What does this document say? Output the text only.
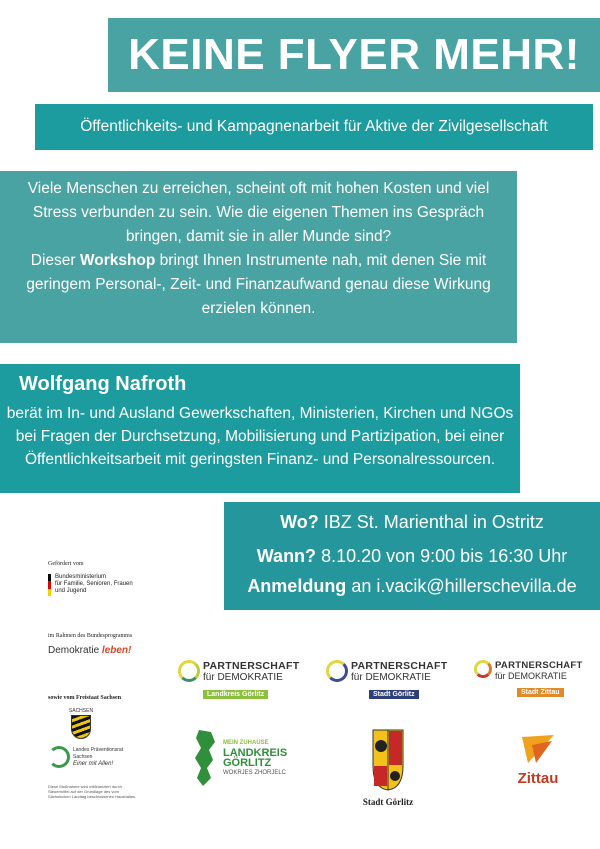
KEINE FLYER MEHR!
Öffentlichkeits- und Kampagnenarbeit für Aktive der Zivilgesellschaft
Viele Menschen zu erreichen, scheint oft mit hohen Kosten und viel
Stress verbunden zu sein. Wie die eigenen Themen ins Gespräch
bringen, damit sie in aller Munde sind?
Dieser Workshop bringt Ihnen Instrumente nah, mit denen Sie mit
geringem Personal-, Zeit- und Finanzaufwand genau diese Wirkung
erzielen können.
Wolfgang Nafroth
berät im In- und Ausland Gewerkschaften, Ministerien, Kirchen und NGOs
bei Fragen der Durchsetzung, Mobilisierung und Partizipation, bei einer
Öffentlichkeitsarbeit mit geringsten Finanz- und Personalressourcen.
Wo? IBZ St. Marienthal in Ostritz
Wann? 8.10.20 von 9:00 bis 16:30 Uhr
Anmeldung an i.vacik@hillerschevilla.de
Gefördert vom
Bundesministerium
für Familie, Senioren, Frauen
und Jugend
im Rahmen des Bundesprogramms
Demokratie leben!
sowie vom Freistaat Sachsen
SACHSEN
Landes Präventionsrat
Sachsen
Einer mit Allen!
Diese Maßnahme wird mitfinanziert durch
Steuermittel auf der Grundlage des vom
Sächsischen Landtag beschlossenen Haushaltes.
PARTNERSCHAFT
für DEMOKRATIE
Landkreis Görlitz
PARTNERSCHAFT
für DEMOKRATIE
Stadt Görlitz
PARTNERSCHAFT
für DEMOKRATIE
Stadt Zittau
MEIN ZUHAUSE
LANDKREIS
GÖRLITZ
WOKRJES ZHORJELC
Stadt Görlitz
Zittau
